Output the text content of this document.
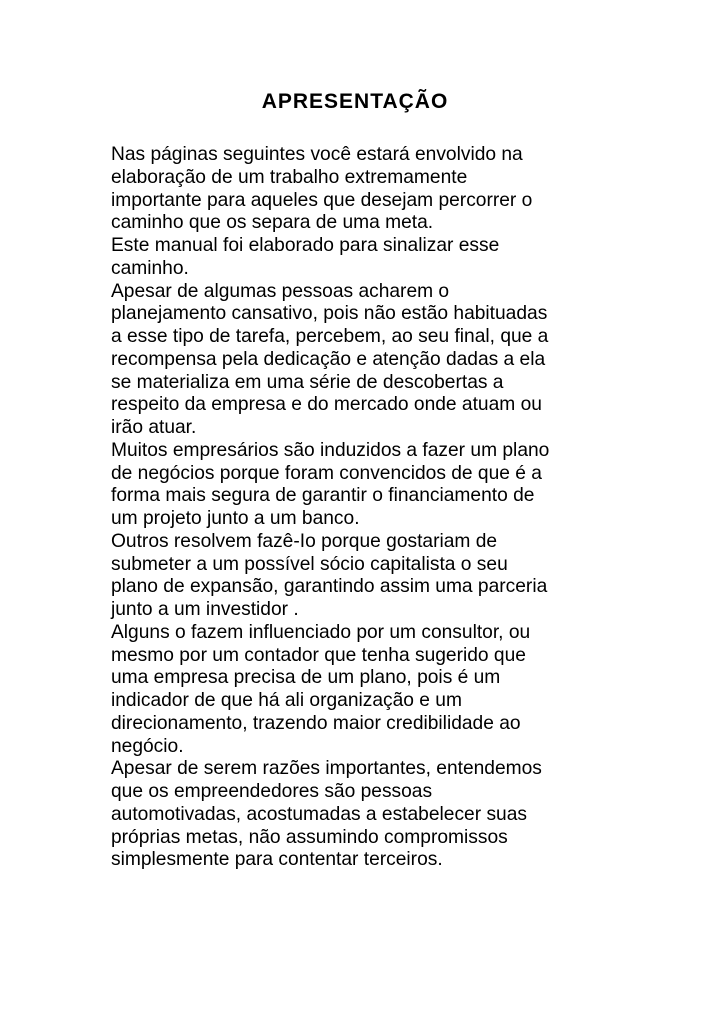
APRESENTAÇÃO
Nas páginas seguintes você estará envolvido na
elaboração de um trabalho extremamente
importante para aqueles que desejam percorrer o
caminho que os separa de uma meta.
Este manual foi elaborado para sinalizar esse
caminho.
Apesar de algumas pessoas acharem o
planejamento cansativo, pois não estão habituadas
a esse tipo de tarefa, percebem, ao seu final, que a
recompensa pela dedicação e atenção dadas a ela
se materializa em uma série de descobertas a
respeito da empresa e do mercado onde atuam ou
irão atuar.
Muitos empresários são induzidos a fazer um plano
de negócios porque foram convencidos de que é a
forma mais segura de garantir o financiamento de
um projeto junto a um banco.
Outros resolvem fazê-Io porque gostariam de
submeter a um possível sócio capitalista o seu
plano de expansão, garantindo assim uma parceria
junto a um investidor .
Alguns o fazem influenciado por um consultor, ou
mesmo por um contador que tenha sugerido que
uma empresa precisa de um plano, pois é um
indicador de que há ali organização e um
direcionamento, trazendo maior credibilidade ao
negócio.
Apesar de serem razões importantes, entendemos
que os empreendedores são pessoas
automotivadas, acostumadas a estabelecer suas
próprias metas, não assumindo compromissos
simplesmente para contentar terceiros.
